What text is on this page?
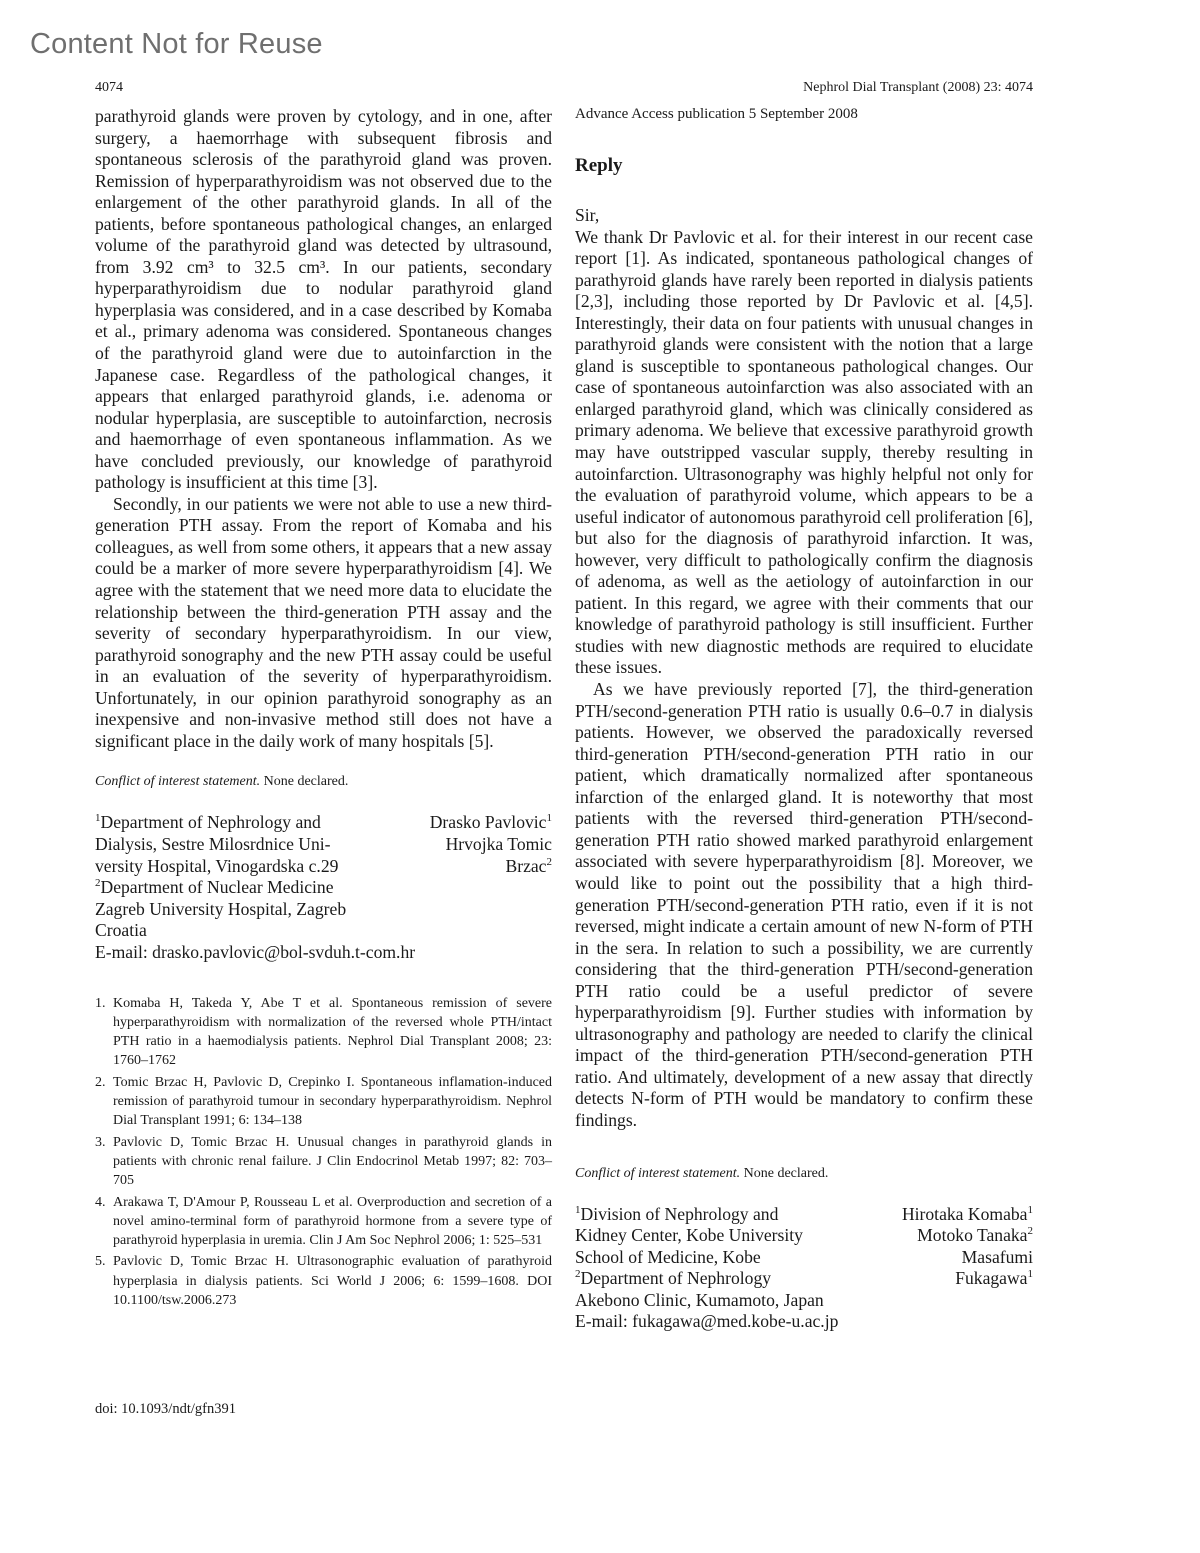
Content Not for Reuse
4074	Nephrol Dial Transplant (2008) 23: 4074

parathyroid glands were proven by cytology, and in one, after surgery, a haemorrhage with subsequent fibrosis and spontaneous sclerosis of the parathyroid gland was proven. Remission of hyperparathyroidism was not observed due to the enlargement of the other parathyroid glands. In all of the patients, before spontaneous pathological changes, an enlarged volume of the parathyroid gland was detected by ultrasound, from 3.92 cm³ to 32.5 cm³. In our patients, secondary hyperparathyroidism due to nodular parathyroid gland hyperplasia was considered, and in a case described by Komaba et al., primary adenoma was considered. Spontaneous changes of the parathyroid gland were due to autoinfarction in the Japanese case. Regardless of the pathological changes, it appears that enlarged parathyroid glands, i.e. adenoma or nodular hyperplasia, are susceptible to autoinfarction, necrosis and haemorrhage of even spontaneous inflammation. As we have concluded previously, our knowledge of parathyroid pathology is insufficient at this time [3].

Secondly, in our patients we were not able to use a new third-generation PTH assay. From the report of Komaba and his colleagues, as well from some others, it appears that a new assay could be a marker of more severe hyperparathyroidism [4]. We agree with the statement that we need more data to elucidate the relationship between the third-generation PTH assay and the severity of secondary hyperparathyroidism. In our view, parathyroid sonography and the new PTH assay could be useful in an evaluation of the severity of hyperparathyroidism. Unfortunately, in our opinion parathyroid sonography as an inexpensive and non-invasive method still does not have a significant place in the daily work of many hospitals [5].

Conflict of interest statement. None declared.

$^1$Department of Nephrology and
Dialysis, Sestre Milosrdnice Uni-
versity Hospital, Vinogardska c.29
$^2$Department of Nuclear Medicine
Zagreb University Hospital, Zagreb
Croatia
E-mail: drasko.pavlovic@bol-svduh.t-com.hr
Drasko Pavlovic$^1$
Hrvojka Tomic
Brzac$^2$
1. Komaba H, Takeda Y, Abe T et al. Spontaneous remission of severe hyperparathyroidism with normalization of the reversed whole PTH/intact PTH ratio in a haemodialysis patients. Nephrol Dial Transplant 2008; 23: 1760–1762
2. Tomic Brzac H, Pavlovic D, Crepinko I. Spontaneous inflamation-induced remission of parathyroid tumour in secondary hyperparathyroidism. Nephrol Dial Transplant 1991; 6: 134–138
3. Pavlovic D, Tomic Brzac H. Unusual changes in parathyroid glands in patients with chronic renal failure. J Clin Endocrinol Metab 1997; 82: 703–705
4. Arakawa T, D'Amour P, Rousseau L et al. Overproduction and secretion of a novel amino-terminal form of parathyroid hormone from a severe type of parathyroid hyperplasia in uremia. Clin J Am Soc Nephrol 2006; 1: 525–531
5. Pavlovic D, Tomic Brzac H. Ultrasonographic evaluation of parathyroid hyperplasia in dialysis patients. Sci World J 2006; 6: 1599–1608. DOI 10.1100/tsw.2006.273
doi: 10.1093/ndt/gfn391

Advance Access publication 5 September 2008

Reply

Sir,

We thank Dr Pavlovic et al. for their interest in our recent case report [1]. As indicated, spontaneous pathological changes of parathyroid glands have rarely been reported in dialysis patients [2,3], including those reported by Dr Pavlovic et al. [4,5]. Interestingly, their data on four patients with unusual changes in parathyroid glands were consistent with the notion that a large gland is susceptible to spontaneous pathological changes. Our case of spontaneous autoinfarction was also associated with an enlarged parathyroid gland, which was clinically considered as primary adenoma. We believe that excessive parathyroid growth may have outstripped vascular supply, thereby resulting in autoinfarction. Ultrasonography was highly helpful not only for the evaluation of parathyroid volume, which appears to be a useful indicator of autonomous parathyroid cell proliferation [6], but also for the diagnosis of parathyroid infarction. It was, however, very difficult to pathologically confirm the diagnosis of adenoma, as well as the aetiology of autoinfarction in our patient. In this regard, we agree with their comments that our knowledge of parathyroid pathology is still insufficient. Further studies with new diagnostic methods are required to elucidate these issues.

As we have previously reported [7], the third-generation PTH/second-generation PTH ratio is usually 0.6–0.7 in dialysis patients. However, we observed the paradoxically reversed third-generation PTH/second-generation PTH ratio in our patient, which dramatically normalized after spontaneous infarction of the enlarged gland. It is noteworthy that most patients with the reversed third-generation PTH/second-generation PTH ratio showed marked parathyroid enlargement associated with severe hyperparathyroidism [8]. Moreover, we would like to point out the possibility that a high third-generation PTH/second-generation PTH ratio, even if it is not reversed, might indicate a certain amount of new N-form of PTH in the sera. In relation to such a possibility, we are currently considering that the third-generation PTH/second-generation PTH ratio could be a useful predictor of severe hyperparathyroidism [9]. Further studies with information by ultrasonography and pathology are needed to clarify the clinical impact of the third-generation PTH/second-generation PTH ratio. And ultimately, development of a new assay that directly detects N-form of PTH would be mandatory to confirm these findings.

Conflict of interest statement. None declared.

$^1$Division of Nephrology and
Kidney Center, Kobe University
School of Medicine, Kobe
$^2$Department of Nephrology
Akebono Clinic, Kumamoto, Japan
E-mail: fukagawa@med.kobe-u.ac.jp
Hirotaka Komaba$^1$
Motoko Tanaka$^2$
Masafumi
Fukagawa$^1$
